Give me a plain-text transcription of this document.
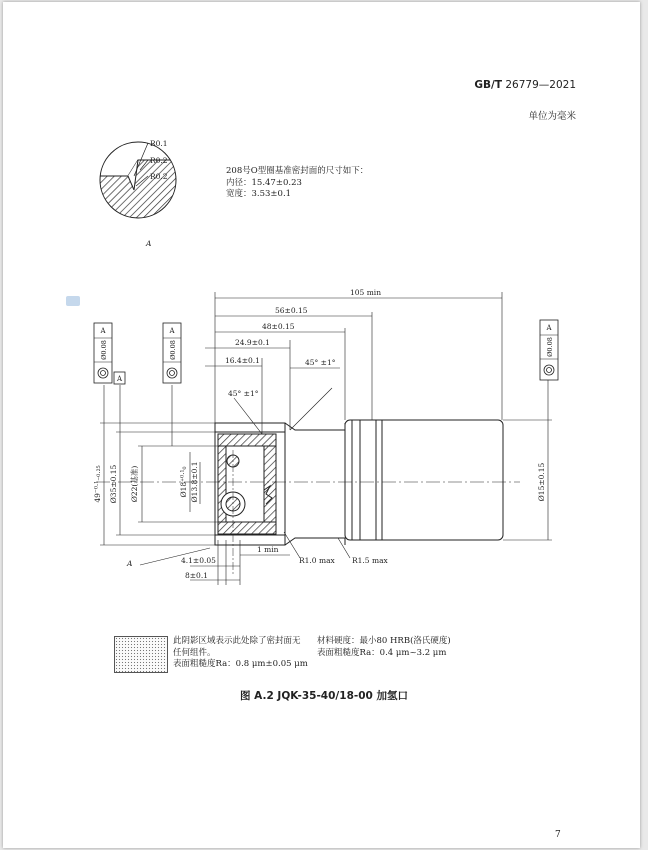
GB/T 26779—2021
单位为毫米
208号O型圈基准密封面的尺寸如下：
内径：15.47±0.23
宽度：3.53±0.1
R0.1
R0.2
R0.2
A
A
Ø0.08
A
A
Ø0.08
A
Ø0.08
105 min
56±0.15
48±0.15
24.9±0.1
16.4±0.1	45° ±1°
45° ±1°
49⁻⁰·¹₋₀.₂₅ Ø35±0.15 Ø22(基准)	Ø18⁺⁰·¹₀ Ø13.8±0.1	Ø15±0.15
1 min
4.1±0.05
8±0.1
R1.0 max R1.5 max
A
此阴影区域表示此处除了密封面无
任何组件。
表面粗糙度Ra：0.8 μm±0.05 μm
材料硬度：最小80 HRB(洛氏硬度)
表面粗糙度Ra：0.4 μm~3.2 μm
图 A.2 JQK-35-40/18-00 加氢口
7
